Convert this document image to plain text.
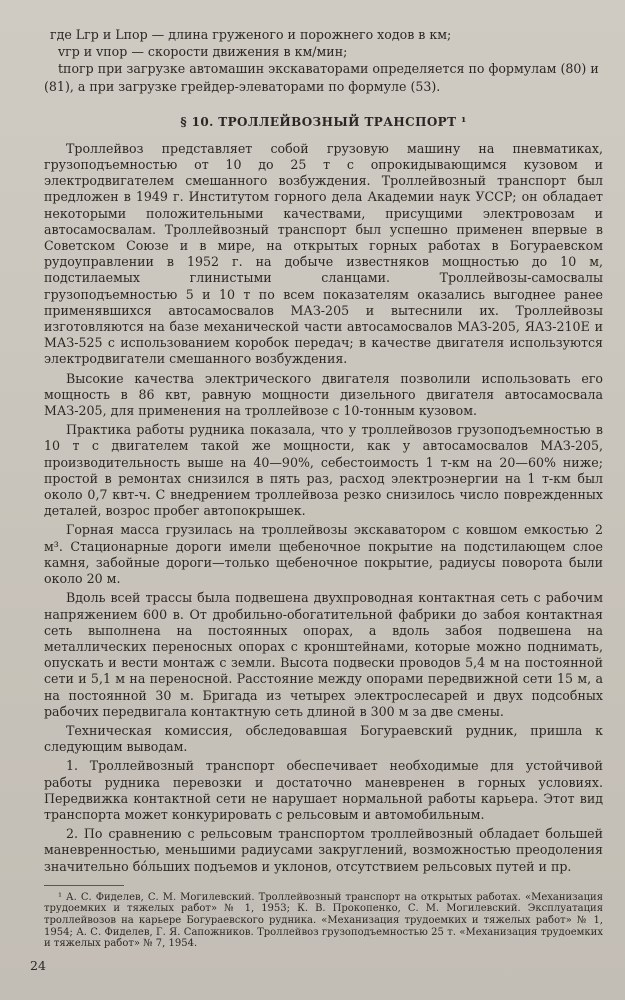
где Lгр и Lпор — длина груженого и порожнего ходов в км;

vгр и vпор — скорости движения в км/мин;

tпогр при загрузке автомашин экскаваторами определяется по формулам (80) и (81), а при загрузке грейдер-элеваторами по формуле (53).

§ 10. ТРОЛЛЕЙВОЗНЫЙ ТРАНСПОРТ ¹

Троллейвоз представляет собой грузовую машину на пневматиках, грузоподъемностью от 10 до 25 т с опрокидывающимся кузовом и электродвигателем смешанного возбуждения. Троллейвозный транспорт был предложен в 1949 г. Институтом горного дела Академии наук УССР; он обладает некоторыми положительными качествами, присущими электровозам и автосамосвалам. Троллейвозный транспорт был успешно применен впервые в Советском Союзе и в мире, на открытых горных работах в Богураевском рудоуправлении в 1952 г. на добыче известняков мощностью до 10 м, подстилаемых глинистыми сланцами. Троллейвозы-самосвалы грузоподъемностью 5 и 10 т по всем показателям оказались выгоднее ранее применявшихся автосамосвалов МАЗ-205 и вытеснили их. Троллейвозы изготовляются на базе механической части автосамосвалов МАЗ-205, ЯАЗ-210Е и МАЗ-525 с использованием коробок передач; в качестве двигателя используются электродвигатели смешанного возбуждения.

Высокие качества электрического двигателя позволили использовать его мощность в 86 квт, равную мощности дизельного двигателя автосамосвала МАЗ-205, для применения на троллейвозе с 10-тонным кузовом.

Практика работы рудника показала, что у троллейвозов грузоподъемностью в 10 т с двигателем такой же мощности, как у автосамосвалов МАЗ-205, производительность выше на 40—90%, себестоимость 1 т-км на 20—60% ниже; простой в ремонтах снизился в пять раз, расход электроэнергии на 1 т-км был около 0,7 квт-ч. С внедрением троллейвоза резко снизилось число поврежденных деталей, возрос пробег автопокрышек.

Горная масса грузилась на троллейвозы экскаватором с ковшом емкостью 2 м³. Стационарные дороги имели щебеночное покрытие на подстилающем слое камня, забойные дороги—только щебеночное покрытие, радиусы поворота были около 20 м.

Вдоль всей трассы была подвешена двухпроводная контактная сеть с рабочим напряжением 600 в. От дробильно-обогатительной фабрики до забоя контактная сеть выполнена на постоянных опорах, а вдоль забоя подвешена на металлических переносных опорах с кронштейнами, которые можно поднимать, опускать и вести монтаж с земли. Высота подвески проводов 5,4 м на постоянной сети и 5,1 м на переносной. Расстояние между опорами передвижной сети 15 м, а на постоянной 30 м. Бригада из четырех электрослесарей и двух подсобных рабочих передвигала контактную сеть длиной в 300 м за две смены.

Техническая комиссия, обследовавшая Богураевский рудник, пришла к следующим выводам.

1. Троллейвозный транспорт обеспечивает необходимые для устойчивой работы рудника перевозки и достаточно маневренен в горных условиях. Передвижка контактной сети не нарушает нормальной работы карьера. Этот вид транспорта может конкурировать с рельсовым и автомобильным.

2. По сравнению с рельсовым транспортом троллейвозный обладает большей маневренностью, меньшими радиусами закруглений, возможностью преодоления значительно бо́льших подъемов и уклонов, отсутствием рельсовых путей и пр.

¹ А. С. Фиделев, С. М. Могилевский. Троллейвозный транспорт на открытых работах. «Механизация трудоемких и тяжелых работ» № 1, 1953; К. В. Прокопенко, С. М. Могилевский. Эксплуатация троллейвозов на карьере Богураевского рудника. «Механизация трудоемких и тяжелых работ» № 1, 1954; А. С. Фиделев, Г. Я. Сапожников. Троллейвоз грузоподъемностью 25 т. «Механизация трудоемких и тяжелых работ» № 7, 1954.

24
